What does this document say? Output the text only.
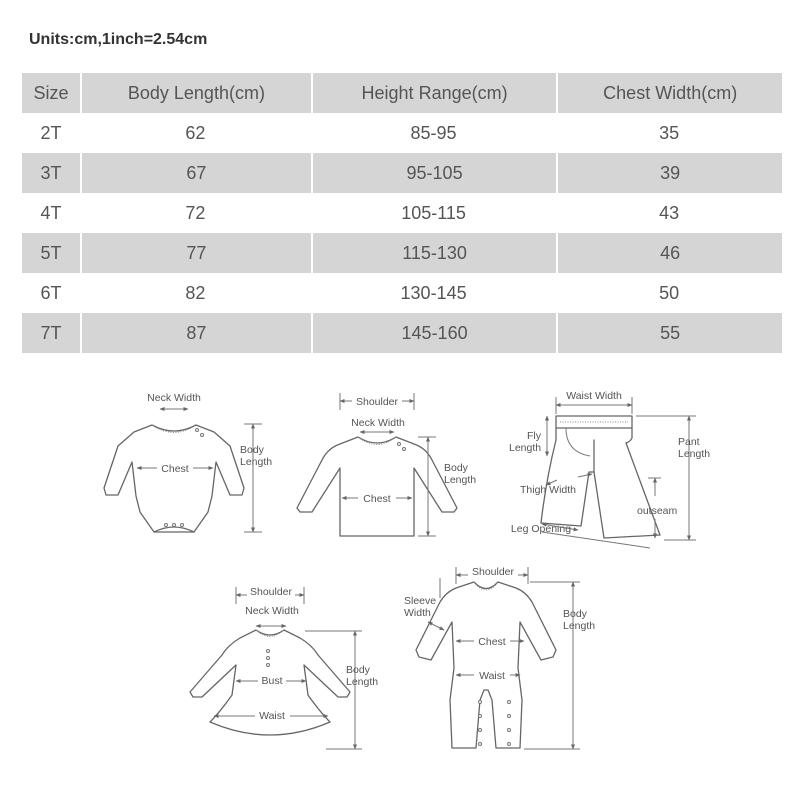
Units:cm,1inch=2.54cm
Size	Body Length(cm)	Height Range(cm)	Chest Width(cm)
2T	62	85-95	35
3T	67	95-105	39
4T	72	105-115	43
5T	77	115-130	46
6T	82	130-145	50
7T	87	145-160	55
Neck Width
Chest
Body
Length
Shoulder
Neck Width
Chest
Body
Length
Waist Width
Fly
Length	Pant
Length
Thigh Width
outseam
Leg Opening
Shoulder
Neck Width
Bust
Waist
Body
Length
Shoulder
Sleeve
Width
Chest
Waist
Body
Length
